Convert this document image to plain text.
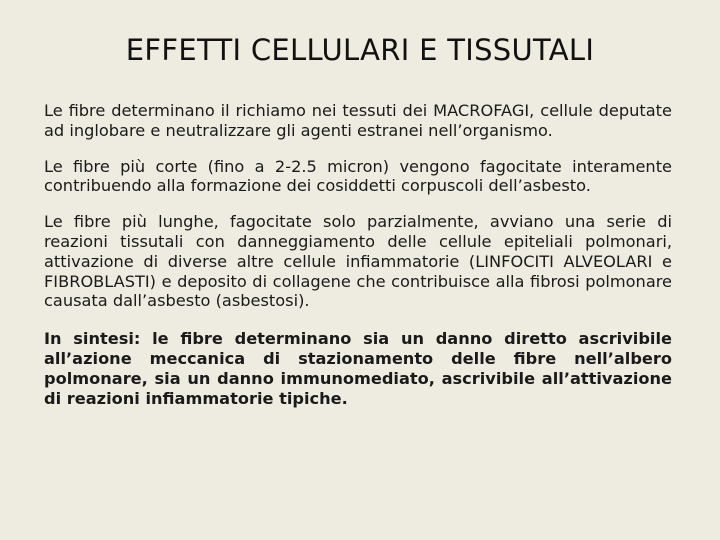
EFFETTI CELLULARI E TISSUTALI

Le fibre determinano il richiamo nei tessuti dei MACROFAGI, cellule deputate ad inglobare e neutralizzare gli agenti estranei nell’organismo.

Le fibre più corte (fino a 2-2.5 micron) vengono fagocitate interamente contribuendo alla formazione dei cosiddetti corpuscoli dell’asbesto.

Le fibre più lunghe, fagocitate solo parzialmente, avviano una serie di reazioni tissutali con danneggiamento delle cellule epiteliali polmonari, attivazione di diverse altre cellule infiammatorie (LINFOCITI ALVEOLARI e FIBROBLASTI) e deposito di collagene che contribuisce alla fibrosi polmonare causata dall’asbesto (asbestosi).

In sintesi: le fibre determinano sia un danno diretto ascrivibile all’azione meccanica di stazionamento delle fibre nell’albero polmonare, sia un danno immunomediato, ascrivibile all’attivazione di reazioni infiammatorie tipiche.
